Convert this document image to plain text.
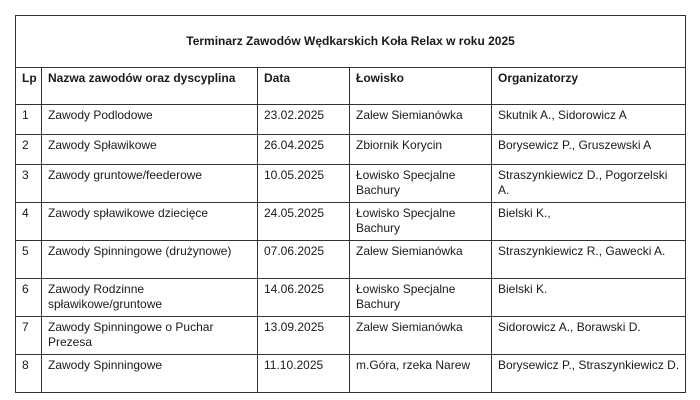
Terminarz Zawodów Wędkarskich Koła Relax w roku 2025				
Lp	Nazwa zawodów oraz dyscyplina	Data	Łowisko	Organizatorzy
1	Zawody Podlodowe	23.02.2025	Zalew Siemianówka	Skutnik A., Sidorowicz A
2	Zawody Spławikowe	26.04.2025	Zbiornik Korycin	Borysewicz P., Gruszewski A
3	Zawody gruntowe/feederowe	10.05.2025	Łowisko Specjalne Bachury	Straszynkiewicz D., Pogorzelski A.
4	Zawody spławikowe dziecięce	24.05.2025	Łowisko Specjalne Bachury	Bielski K.,
5	Zawody Spinningowe (drużynowe)	07.06.2025	Zalew Siemianówka	Straszynkiewicz R., Gawecki A.
6	Zawody Rodzinne spławikowe/gruntowe	14.06.2025	Łowisko Specjalne Bachury	Bielski K.
7	Zawody Spinningowe o Puchar Prezesa	13.09.2025	Zalew Siemianówka	Sidorowicz A., Borawski D.
8	Zawody Spinningowe	11.10.2025	m.Góra, rzeka Narew	Borysewicz P., Straszynkiewicz D.
